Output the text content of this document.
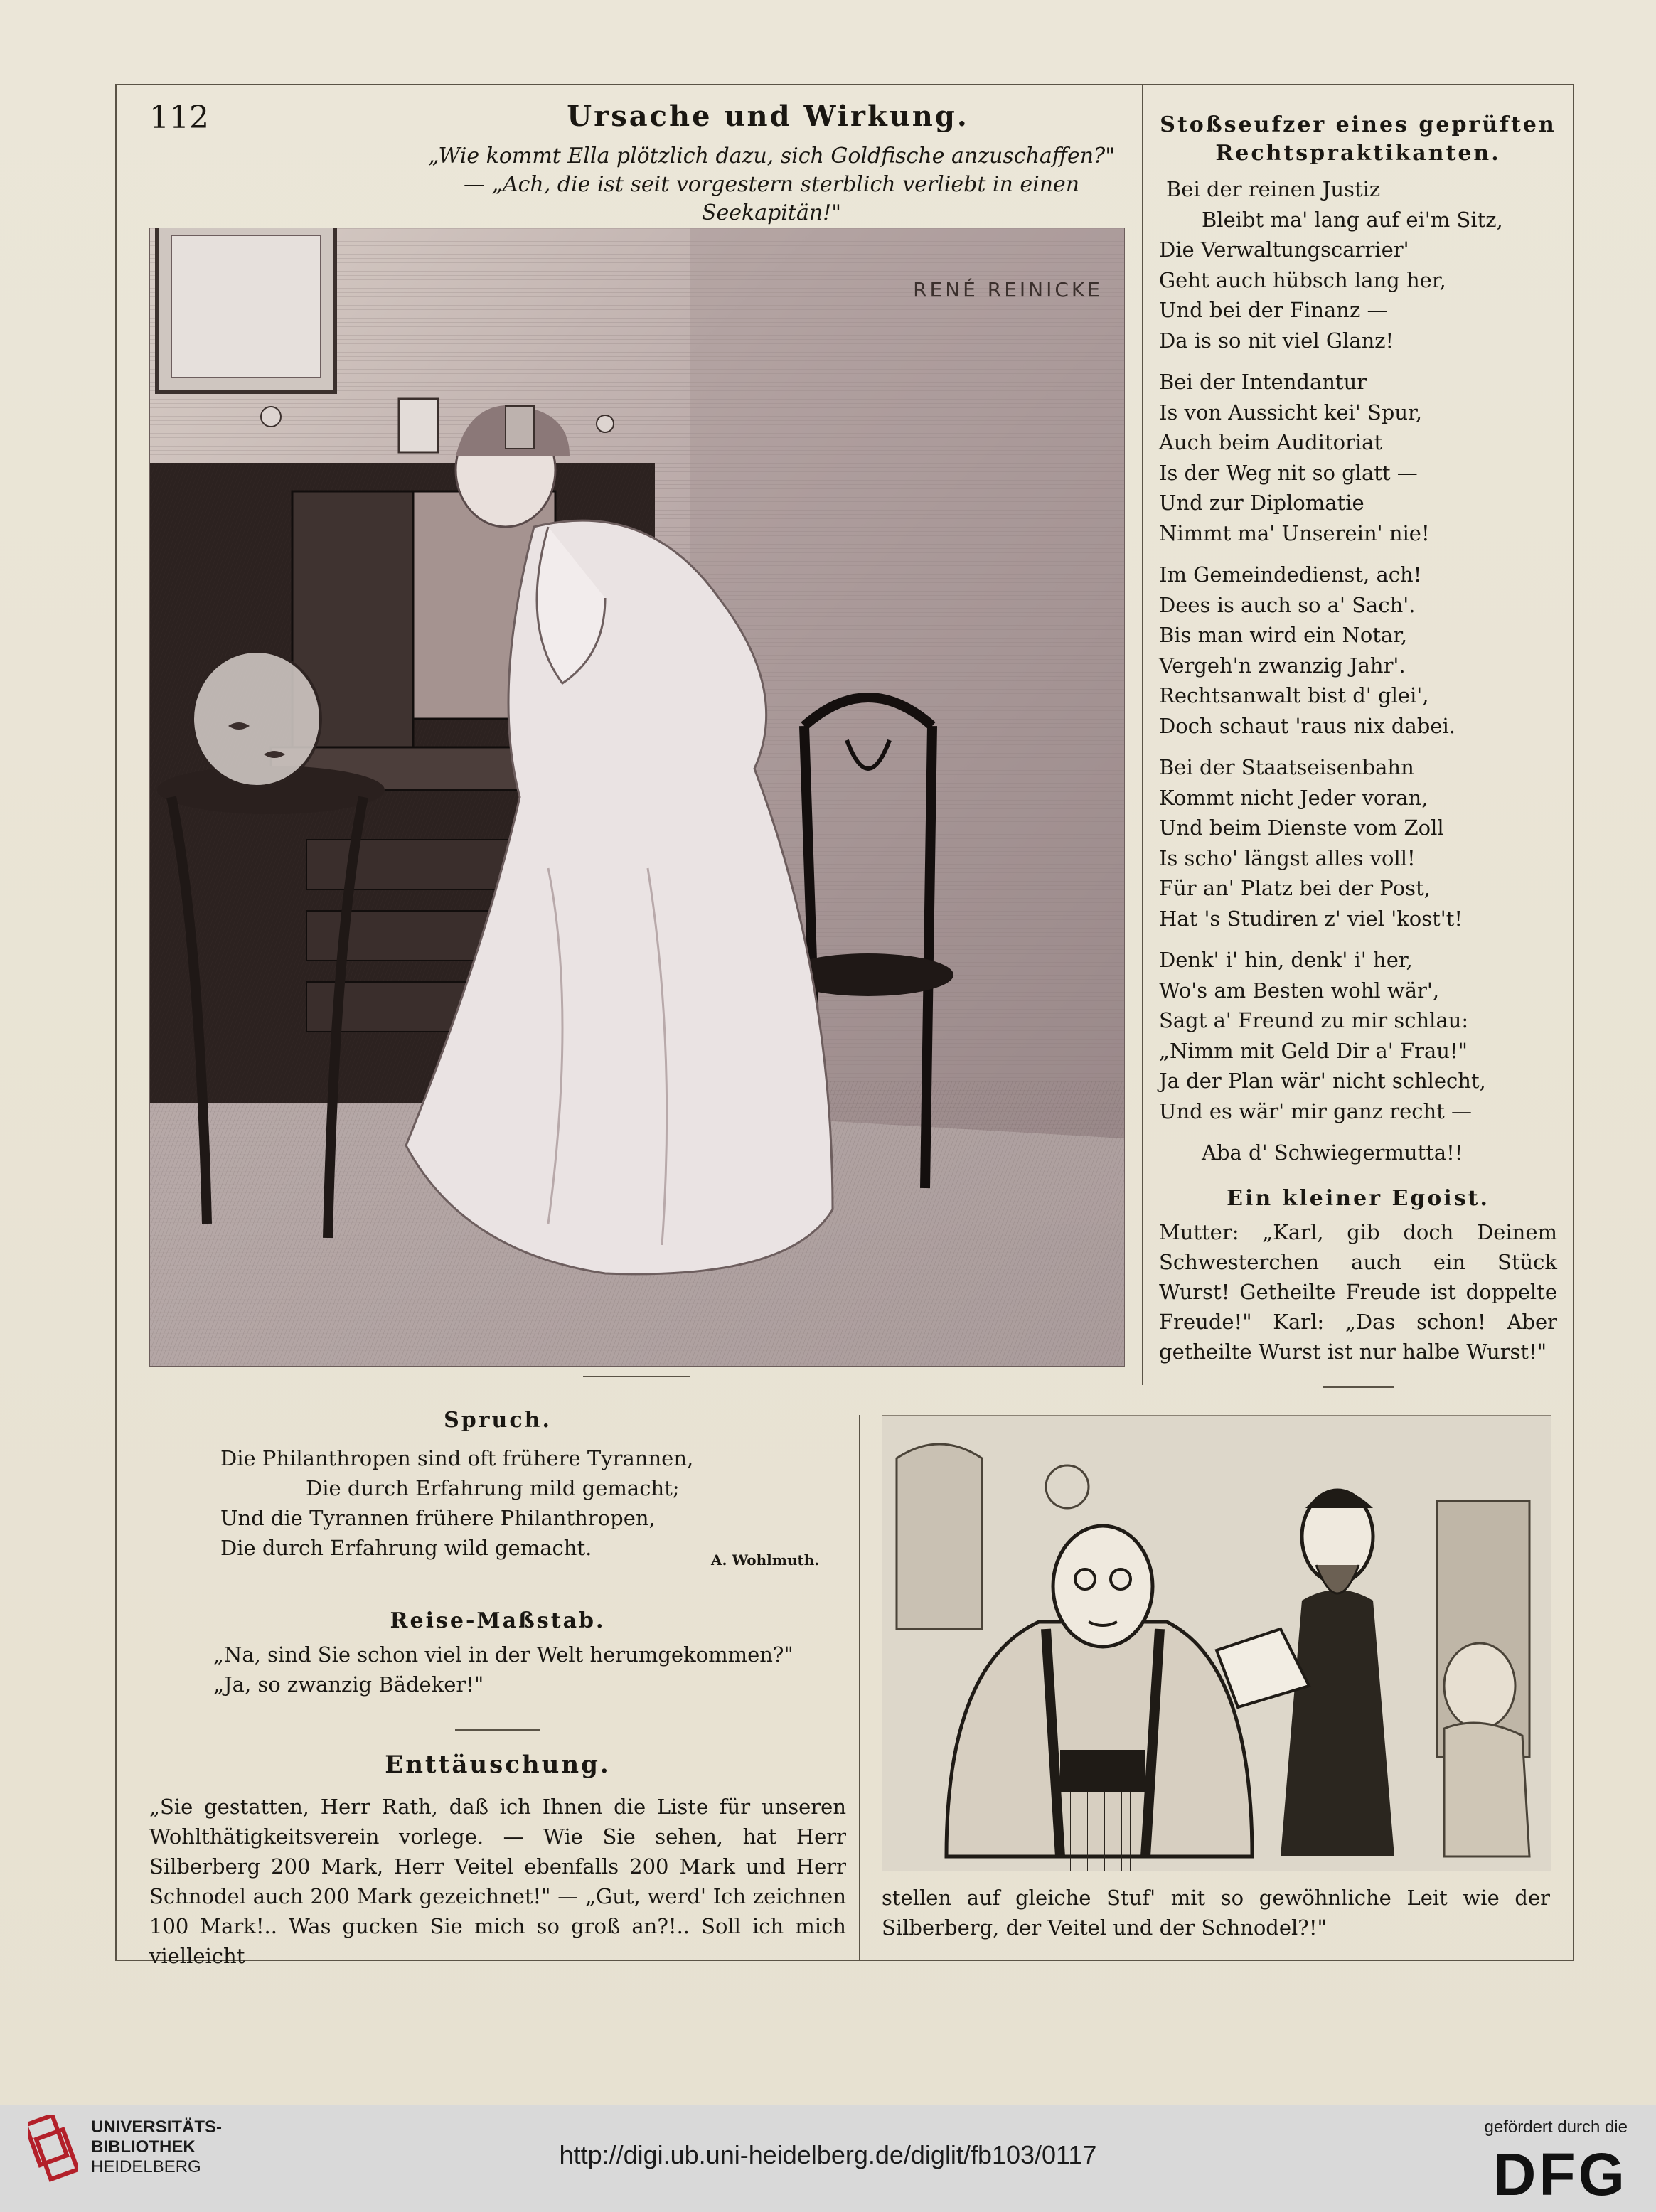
112	Ursache und Wirkung.
„Wie kommt Ella plötzlich dazu, sich Goldfische anzuschaffen?"
— „Ach, die ist seit vorgestern sterblich verliebt in einen Seekapitän!"
RENÉ REINICKE
Stoßseufzer eines geprüften
Rechtspraktikanten.
Bei der reinen Justiz
Bleibt ma' lang auf ei'm Sitz,
Die Verwaltungscarrier'
Geht auch hübsch lang her,
Und bei der Finanz —
Da is so nit viel Glanz!
Bei der Intendantur
Is von Aussicht kei' Spur,
Auch beim Auditoriat
Is der Weg nit so glatt —
Und zur Diplomatie
Nimmt ma' Unserein' nie!
Im Gemeindedienst, ach!
Dees is auch so a' Sach'.
Bis man wird ein Notar,
Vergeh'n zwanzig Jahr'.
Rechtsanwalt bist d' glei',
Doch schaut 'raus nix dabei.
Bei der Staatseisenbahn
Kommt nicht Jeder voran,
Und beim Dienste vom Zoll
Is scho' längst alles voll!
Für an' Platz bei der Post,
Hat 's Studiren z' viel 'kost't!
Denk' i' hin, denk' i' her,
Wo's am Besten wohl wär',
Sagt a' Freund zu mir schlau:
„Nimm mit Geld Dir a' Frau!"
Ja der Plan wär' nicht schlecht,
Und es wär' mir ganz recht —
Aba d' Schwiegermutta!!
Ein kleiner Egoist.
Mutter: „Karl, gib doch Deinem Schwesterchen auch ein Stück Wurst! Getheilte Freude ist doppelte Freude!" Karl: „Das schon! Aber getheilte Wurst ist nur halbe Wurst!"
Spruch.
Die Philanthropen sind oft frühere Tyrannen,
Die durch Erfahrung mild gemacht;
Und die Tyrannen frühere Philanthropen,
Die durch Erfahrung wild gemacht.	A. Wohlmuth.
Reise-Maßstab.
„Na, sind Sie schon viel in der Welt herumgekommen?"
„Ja, so zwanzig Bädeker!"
Enttäuschung.
„Sie gestatten, Herr Rath, daß ich Ihnen die Liste für unseren Wohlthätigkeitsverein vorlege. — Wie Sie sehen, hat Herr Silberberg 200 Mark, Herr Veitel ebenfalls 200 Mark und Herr Schnodel auch 200 Mark gezeichnet!" — „Gut, werd' Ich zeichnen 100 Mark!.. Was gucken Sie mich so groß an?!.. Soll ich mich vielleicht
stellen auf gleiche Stuf' mit so gewöhnliche Leit wie der Silberberg, der Veitel und der Schnodel?!"
UNIVERSITÄTS-
BIBLIOTHEK
HEIDELBERG	http://digi.ub.uni-heidelberg.de/diglit/fb103/0117
gefördert durch die
DFG
